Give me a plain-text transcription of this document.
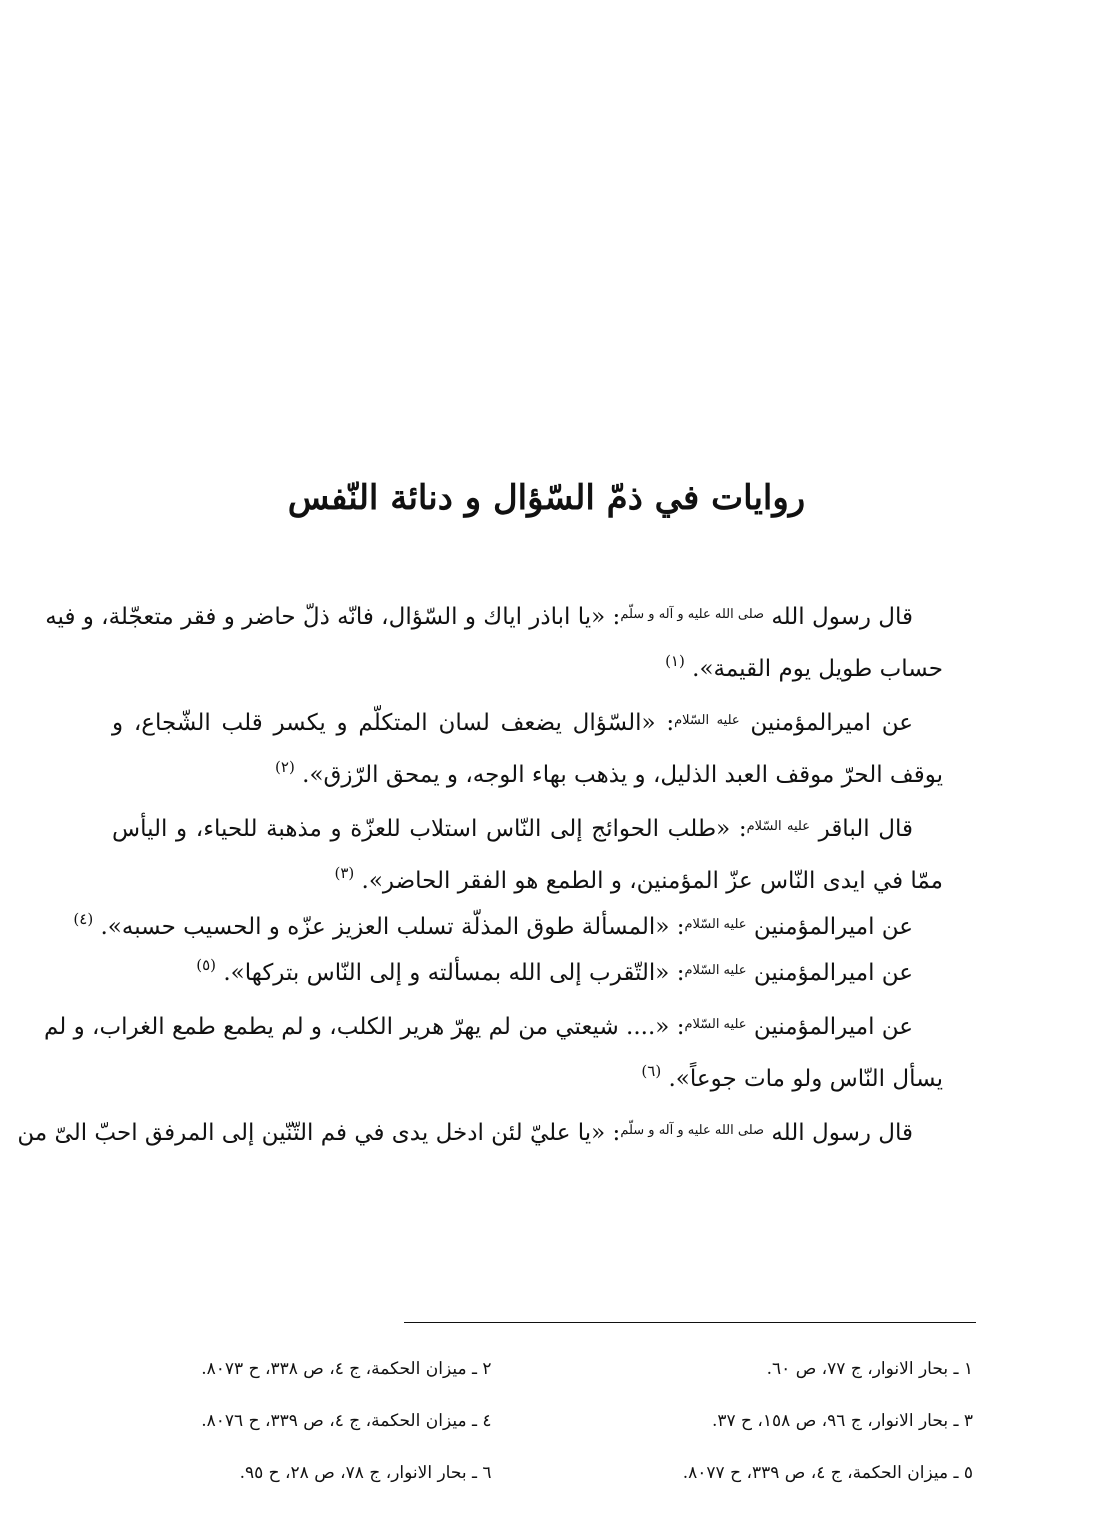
روايات في ذمّ السّؤال و دنائة النّفس
قال رسول الله $^{صلى الله عليه و آله و سلّم}$: «يا اباذر اياك و السّؤال، فانّه ذلّ حاضر و فقر متعجّلة، و فيه
حساب طويل يوم القيمة». $^{(١)}$
عن اميرالمؤمنين $^{عليه السّلام}$: «السّؤال يضعف لسان المتكلّم و يكسر قلب الشّجاع، و
يوقف الحرّ موقف العبد الذليل، و يذهب بهاء الوجه، و يمحق الرّزق». $^{(٢)}$
قال الباقر $^{عليه السّلام}$: «طلب الحوائج إلى النّاس استلاب للعزّة و مذهبة للحياء، و اليأس
ممّا في ايدى النّاس عزّ المؤمنين، و الطمع هو الفقر الحاضر». $^{(٣)}$
عن اميرالمؤمنين $^{عليه السّلام}$: «المسألة طوق المذلّة تسلب العزيز عزّه و الحسيب حسبه». $^{(٤)}$
عن اميرالمؤمنين $^{عليه السّلام}$: «التّقرب إلى الله بمسألته و إلى النّاس بتركها». $^{(٥)}$
عن اميرالمؤمنين $^{عليه السّلام}$: «.... شيعتي من لم يهرّ هرير الكلب، و لم يطمع طمع الغراب، و لم
يسأل النّاس ولو مات جوعاً». $^{(٦)}$
قال رسول الله $^{صلى الله عليه و آله و سلّم}$: «يا عليّ لئن ادخل يدى في فم التّنّين إلى المرفق احبّ الىّ من
١ ـ بحار الانوار، ج ٧٧، ص ٦٠.
٢ ـ ميزان الحكمة، ج ٤، ص ٣٣٨، ح ٨٠٧٣.
٣ ـ بحار الانوار، ج ٩٦، ص ١٥٨، ح ٣٧.
٤ ـ ميزان الحكمة، ج ٤، ص ٣٣٩، ح ٨٠٧٦.
٥ ـ ميزان الحكمة، ج ٤، ص ٣٣٩، ح ٨٠٧٧.
٦ ـ بحار الانوار، ج ٧٨، ص ٢٨، ح ٩٥.
